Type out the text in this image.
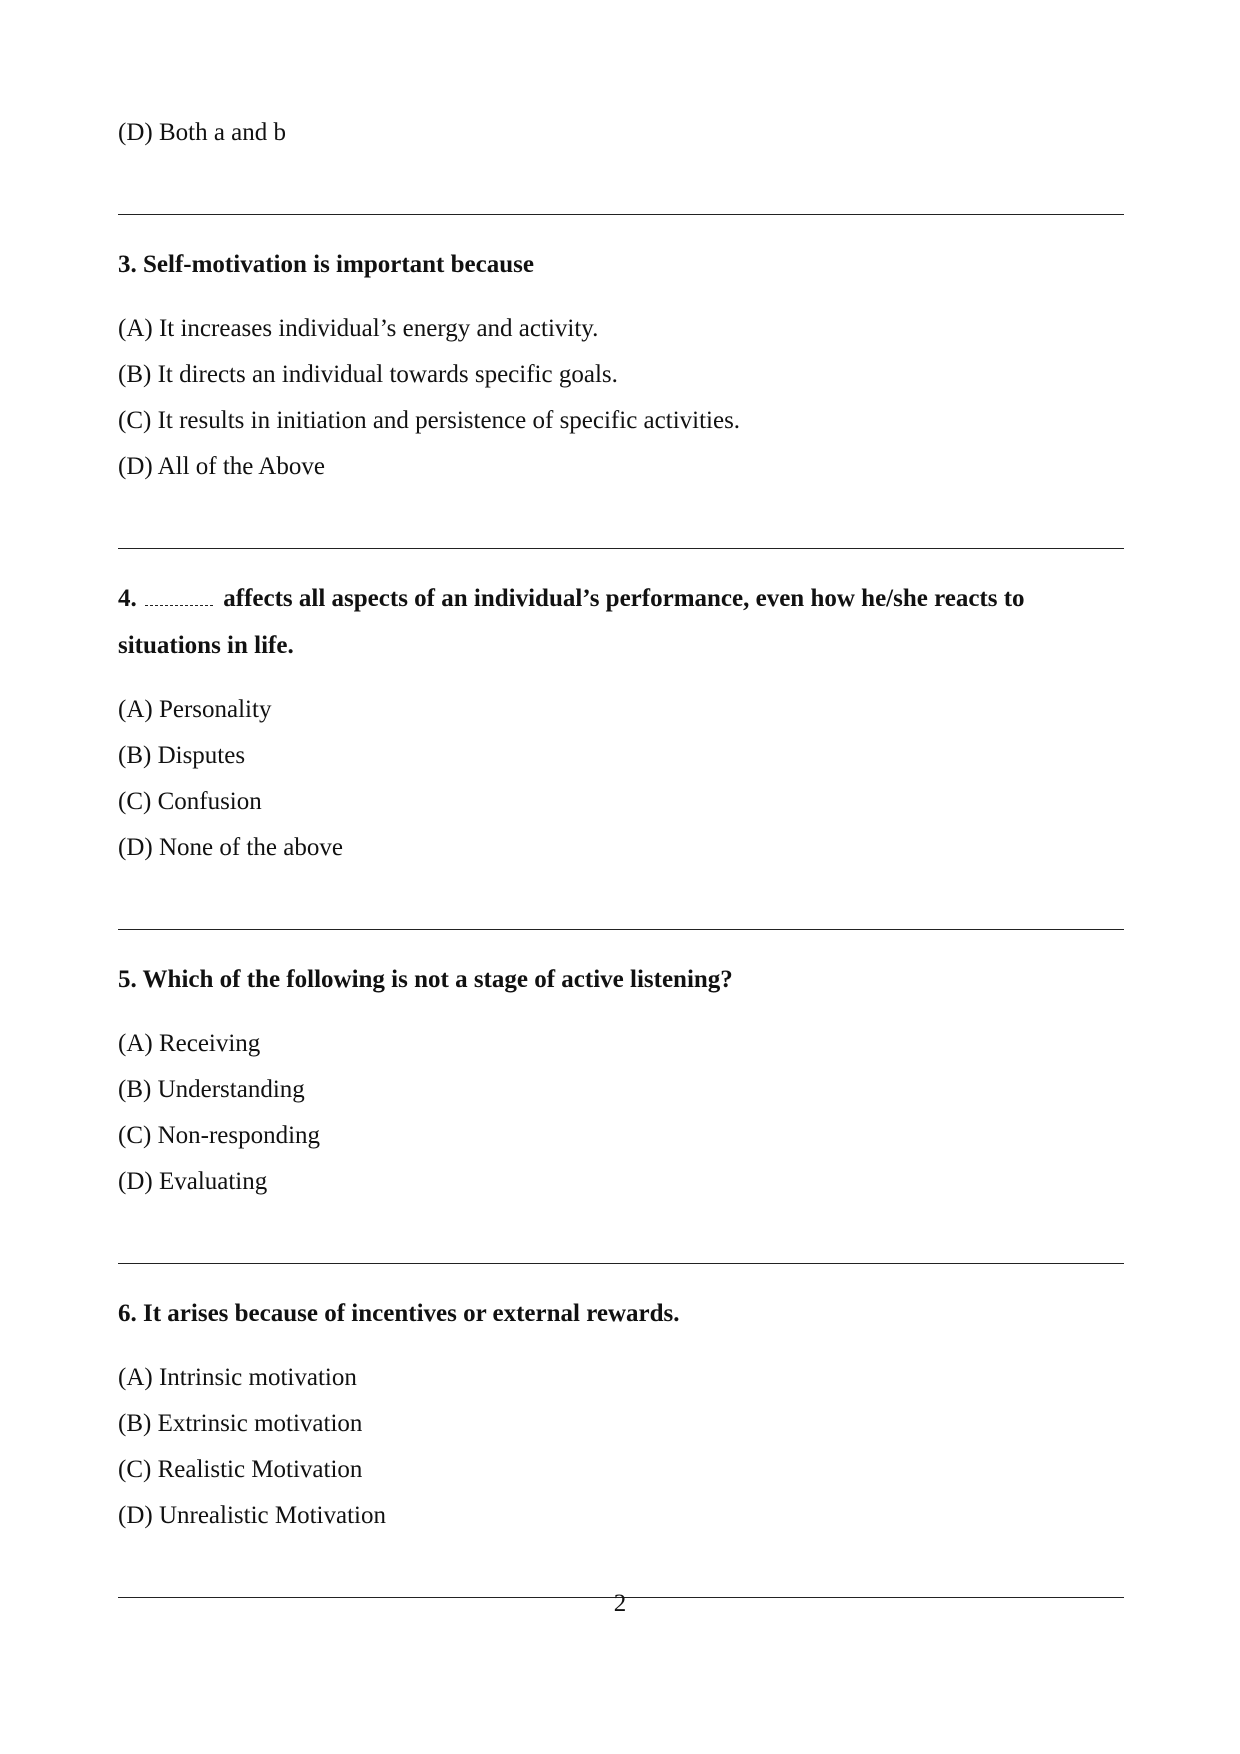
(D) Both a and b
3. Self-motivation is important because
(A) It increases individual’s energy and activity.
(B) It directs an individual towards specific goals.
(C) It results in initiation and persistence of specific activities.
(D) All of the Above
4.	affects all aspects of an individual’s performance, even how he/she reacts to situations in life.
(A) Personality
(B) Disputes
(C) Confusion
(D) None of the above
5. Which of the following is not a stage of active listening?
(A) Receiving
(B) Understanding
(C) Non-responding
(D) Evaluating
6. It arises because of incentives or external rewards.
(A) Intrinsic motivation
(B) Extrinsic motivation
(C) Realistic Motivation
(D) Unrealistic Motivation
2
